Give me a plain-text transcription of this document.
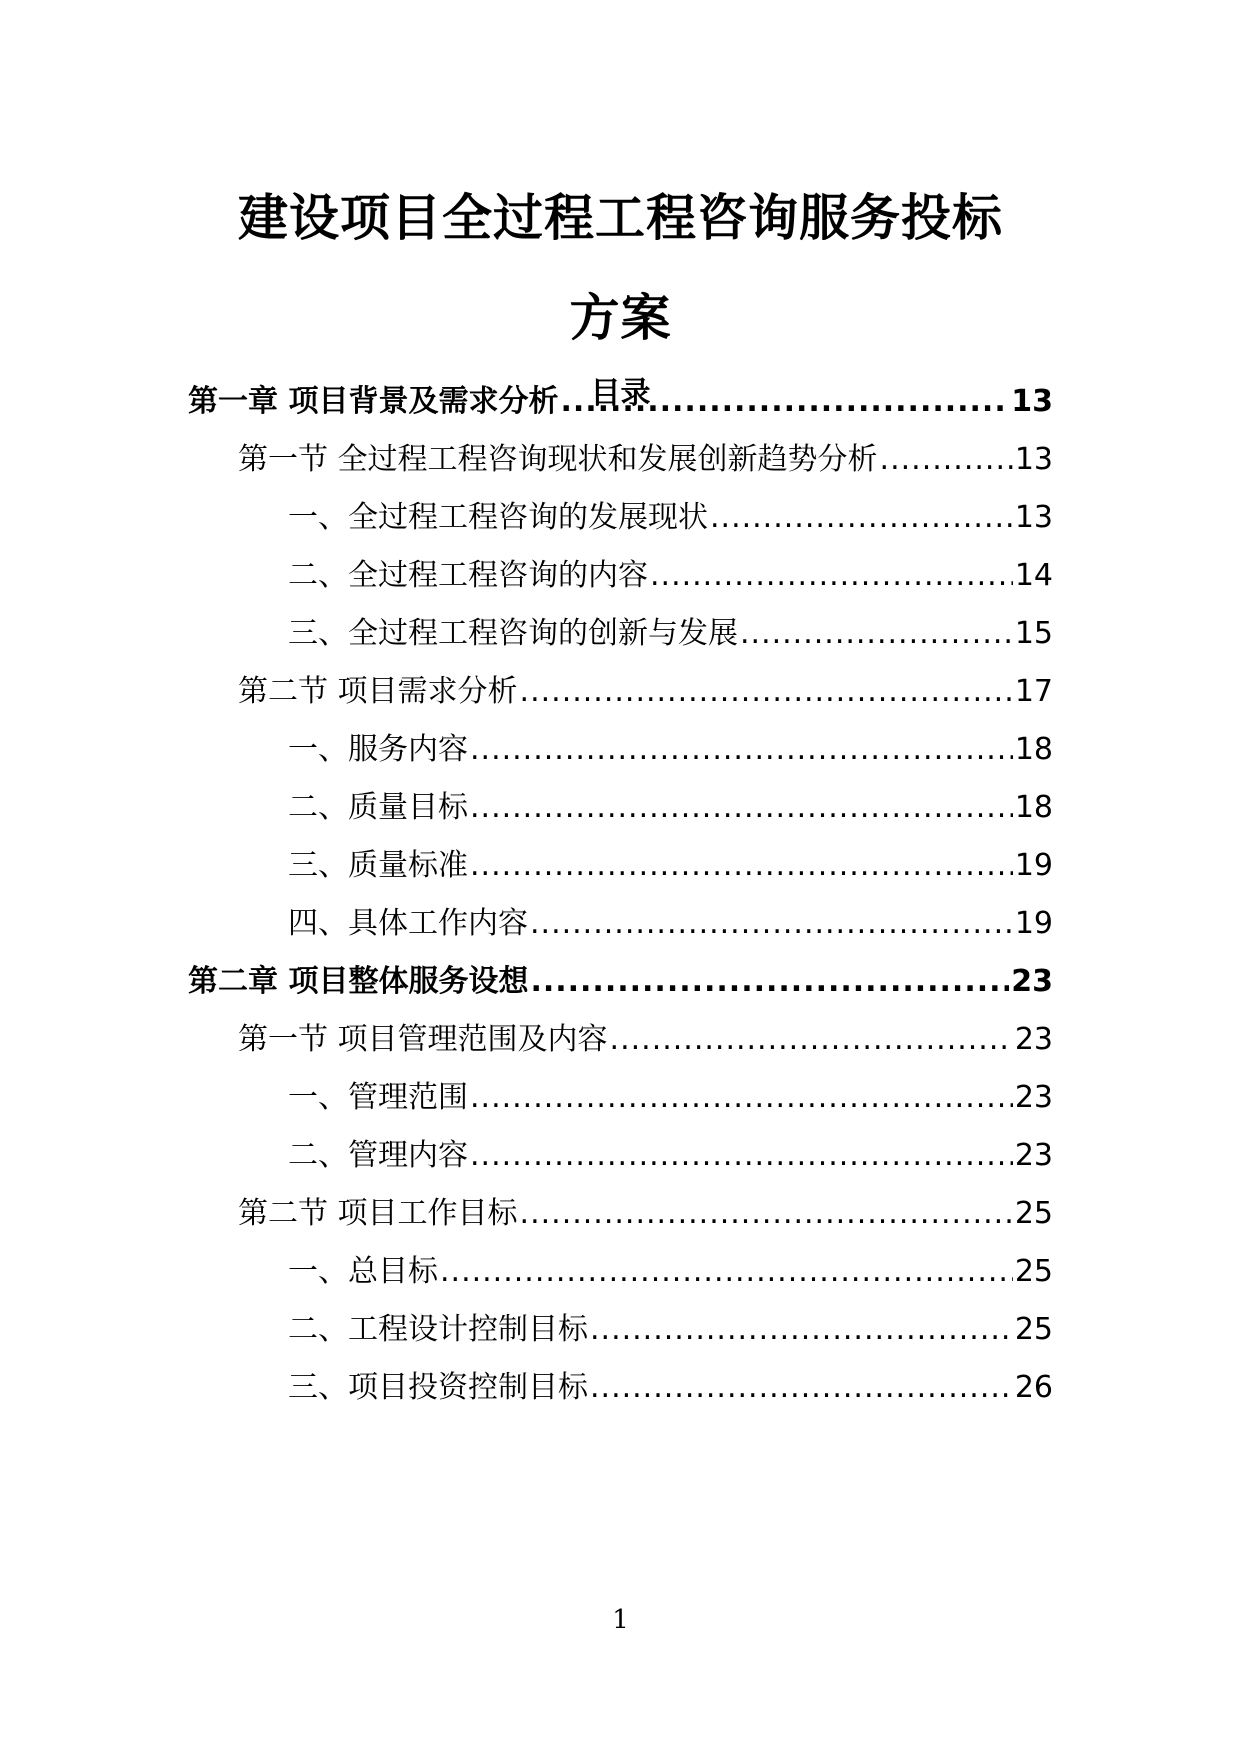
建设项目全过程工程咨询服务投标
方案
目录
第一章 项目背景及需求分析 .....	13
第一节 全过程工程咨询现状和发展创新趋势分析 .....	13
一、全过程工程咨询的发展现状 .....	13
二、全过程工程咨询的内容 .....	14
三、全过程工程咨询的创新与发展 .....	15
第二节 项目需求分析 .....	17
一、服务内容 .....	18
二、质量目标 .....	18
三、质量标准 .....	19
四、具体工作内容 .....	19
第二章 项目整体服务设想 .....	23
第一节 项目管理范围及内容 .....	23
一、管理范围 .....	23
二、管理内容 .....	23
第二节 项目工作目标 .....	25
一、总目标 .....	25
二、工程设计控制目标 .....	25
三、项目投资控制目标 .....	26
1
